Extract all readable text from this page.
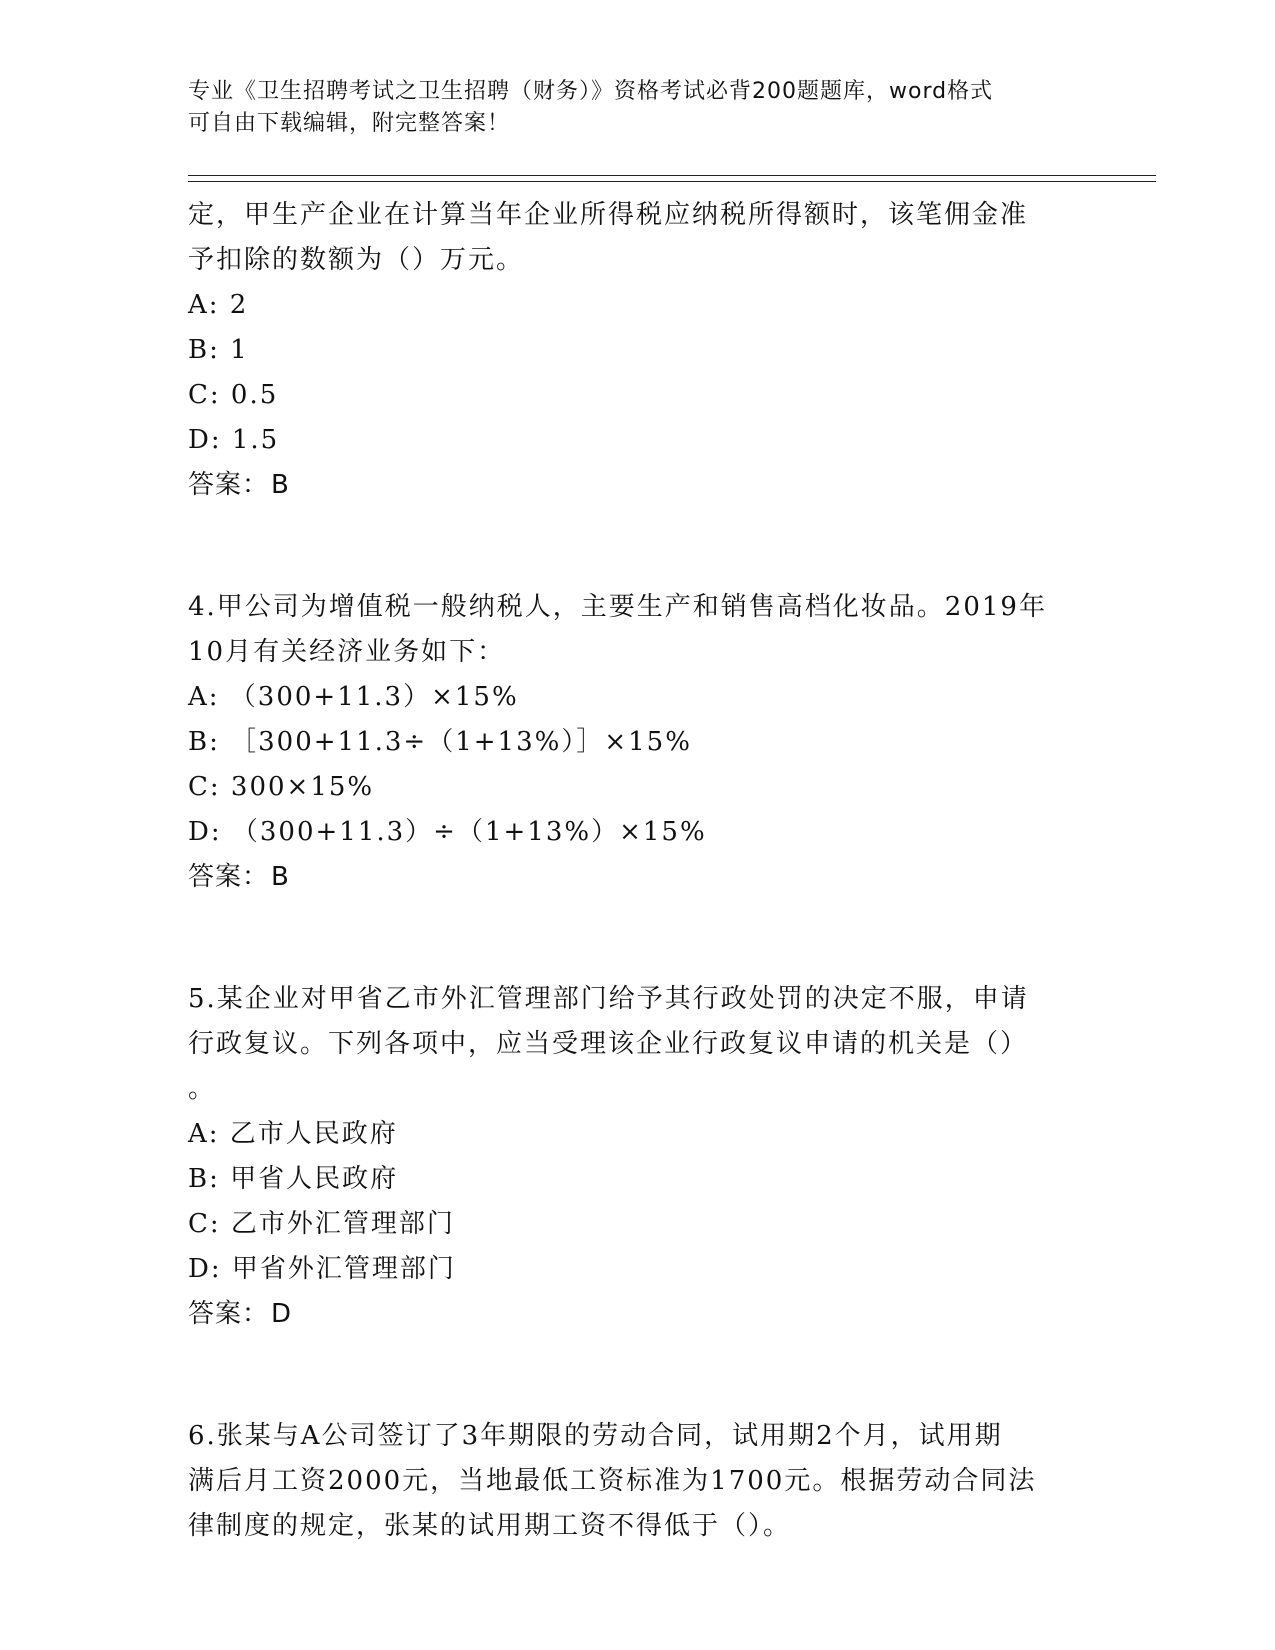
专业《卫生招聘考试之卫生招聘（财务）》资格考试必背200题题库，word格式
可自由下载编辑，附完整答案！

定，甲生产企业在计算当年企业所得税应纳税所得额时，该笔佣金准

予扣除的数额为（）万元。

A: 2

B: 1

C: 0.5

D: 1.5

答案：B

4.甲公司为增值税一般纳税人，主要生产和销售高档化妆品。2019年

10月有关经济业务如下：

A: （300+11.3）×15%

B: ［300+11.3÷（1+13%）］×15%

C: 300×15%

D: （300+11.3）÷（1+13%）×15%

答案：B

5.某企业对甲省乙市外汇管理部门给予其行政处罚的决定不服，申请

行政复议。下列各项中，应当受理该企业行政复议申请的机关是（）

。

A: 乙市人民政府

B: 甲省人民政府

C: 乙市外汇管理部门

D: 甲省外汇管理部门

答案：D

6.张某与A公司签订了3年期限的劳动合同，试用期2个月，试用期

满后月工资2000元，当地最低工资标准为1700元。根据劳动合同法

律制度的规定，张某的试用期工资不得低于（）。
